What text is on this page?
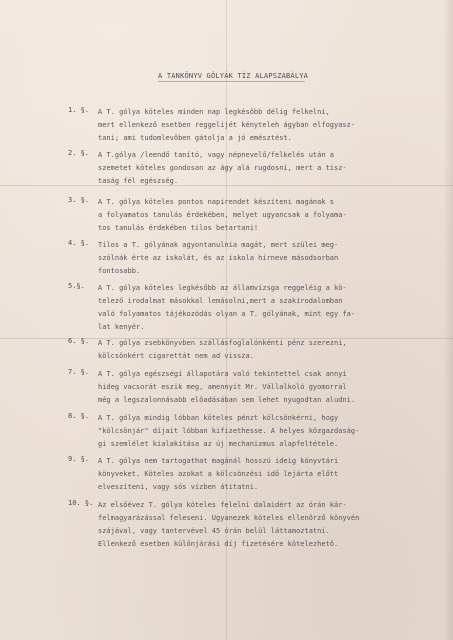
A TANKÖNYV GÓLYÁK TÍZ ALAPSZABÁLYA
1. §.	A T. gólya köteles minden nap legkésőbb délig felkelni,
mert ellenkező esetben reggelijét kényteleh ágyban elfogyasz-
tani; ami tudomlevőben gátolja a jó emésztést.
2. §.	A T.gólya /leendő tanító, vagy népnevelő/felkelés után a
szemetet köteles gondosan az ágy alá rugdosni, mert a tisz-
taság fél egészség.
3. §.	A T. gólya köteles pontos napirendet készíteni magának s
a folyamatos tanulás érdekében, melyet ugyancsak a folyama-
tos tanulás érdekében tilos betartani!
4. §.	Tilos a T. gólyának agyontanulnia magát, mert szülei meg-
szólnák érte az iskolát, és az iskola hírneve másodsorban
fontosabb.
5.§.	A T. gólya köteles legkésőbb az államvizsga reggeléig a kö-
telező irodalmat másokkal lemásolni,mert a szakirodalomban
való folyamatos tájékozódás olyan a T. gólyának, mint egy fa-
lat kenyér.
6. §.	A T. gólya zsebkönyvben szállásfoglalónkénti pénz szerezni,
kölcsönkért cigarettát nem ad vissza.
7. §.	A T. gólya egészségi állapotára való tekintettel csak annyi
hideg vacsorát eszik meg, amennyit Mr. Vállalkoló gyomorral
még a legszalonnásabb előadásában sem lehet nyugodtan aludni.
8. §.	A T. gólya mindig lóbban köteles pénzt kölcsönkérni, hogy
"kölcsönjár" díjait lóbban kifizethesse. A helyes közgazdaság-
gi szemlélet kialakítása az új mechanizmus alapfeltétele.
9. §.	A T. gólya nem tartogathat magánál hosszú ideig könyvtári
könyveket. Köteles azokat a kölcsönzési idő lejárta előtt
elveszíteni, vagy sós vízben átitatni.
10. §. Az elsőévez T. gólya köteles felelni dalaidért az órán kár-
felmagyarázással feleseni. Ugyanezek köteles ellenőrző könyvén
szájával, vagy tantervével 45 órán belül láttamoztatni.
Ellenkező esetben különjárási díj fizetésére kötelezhető.
